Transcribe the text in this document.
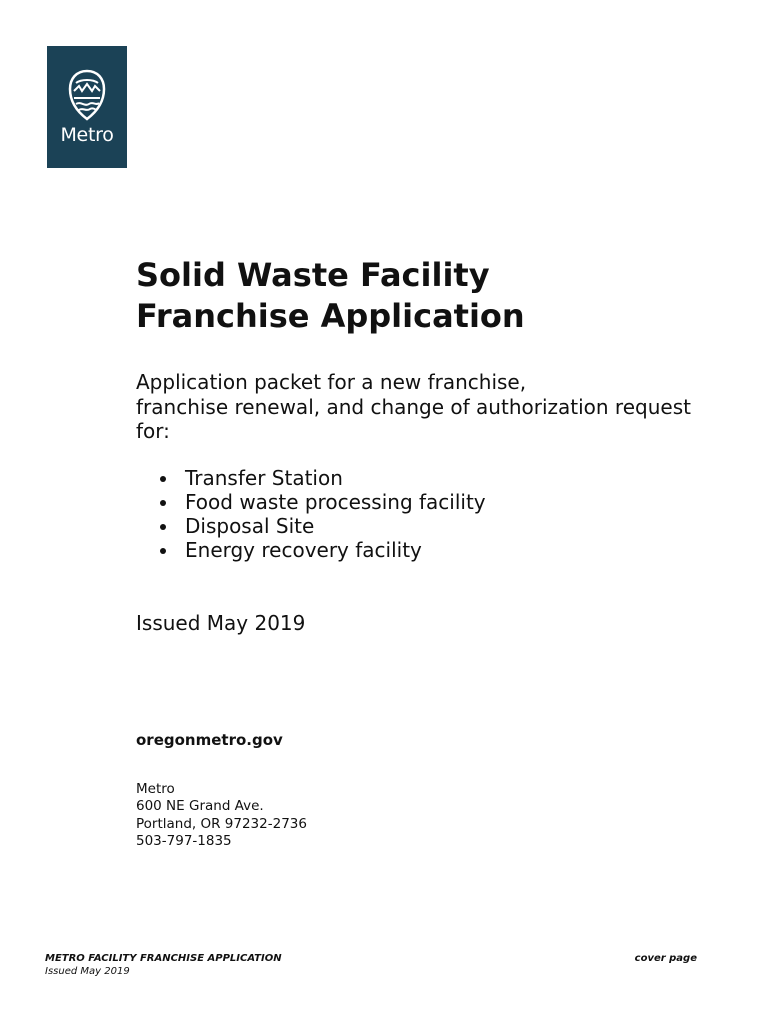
Metro
Solid Waste Facility
Franchise Application

Application packet for a new franchise,
franchise renewal, and change of authorization request
for:

Transfer Station
Food waste processing facility
Disposal Site
Energy recovery facility
Issued May 2019
oregonmetro.gov
Metro
600 NE Grand Ave.
Portland, OR 97232-2736
503-797-1835
METRO FACILITY FRANCHISE APPLICATION
Issued May 2019
cover page
